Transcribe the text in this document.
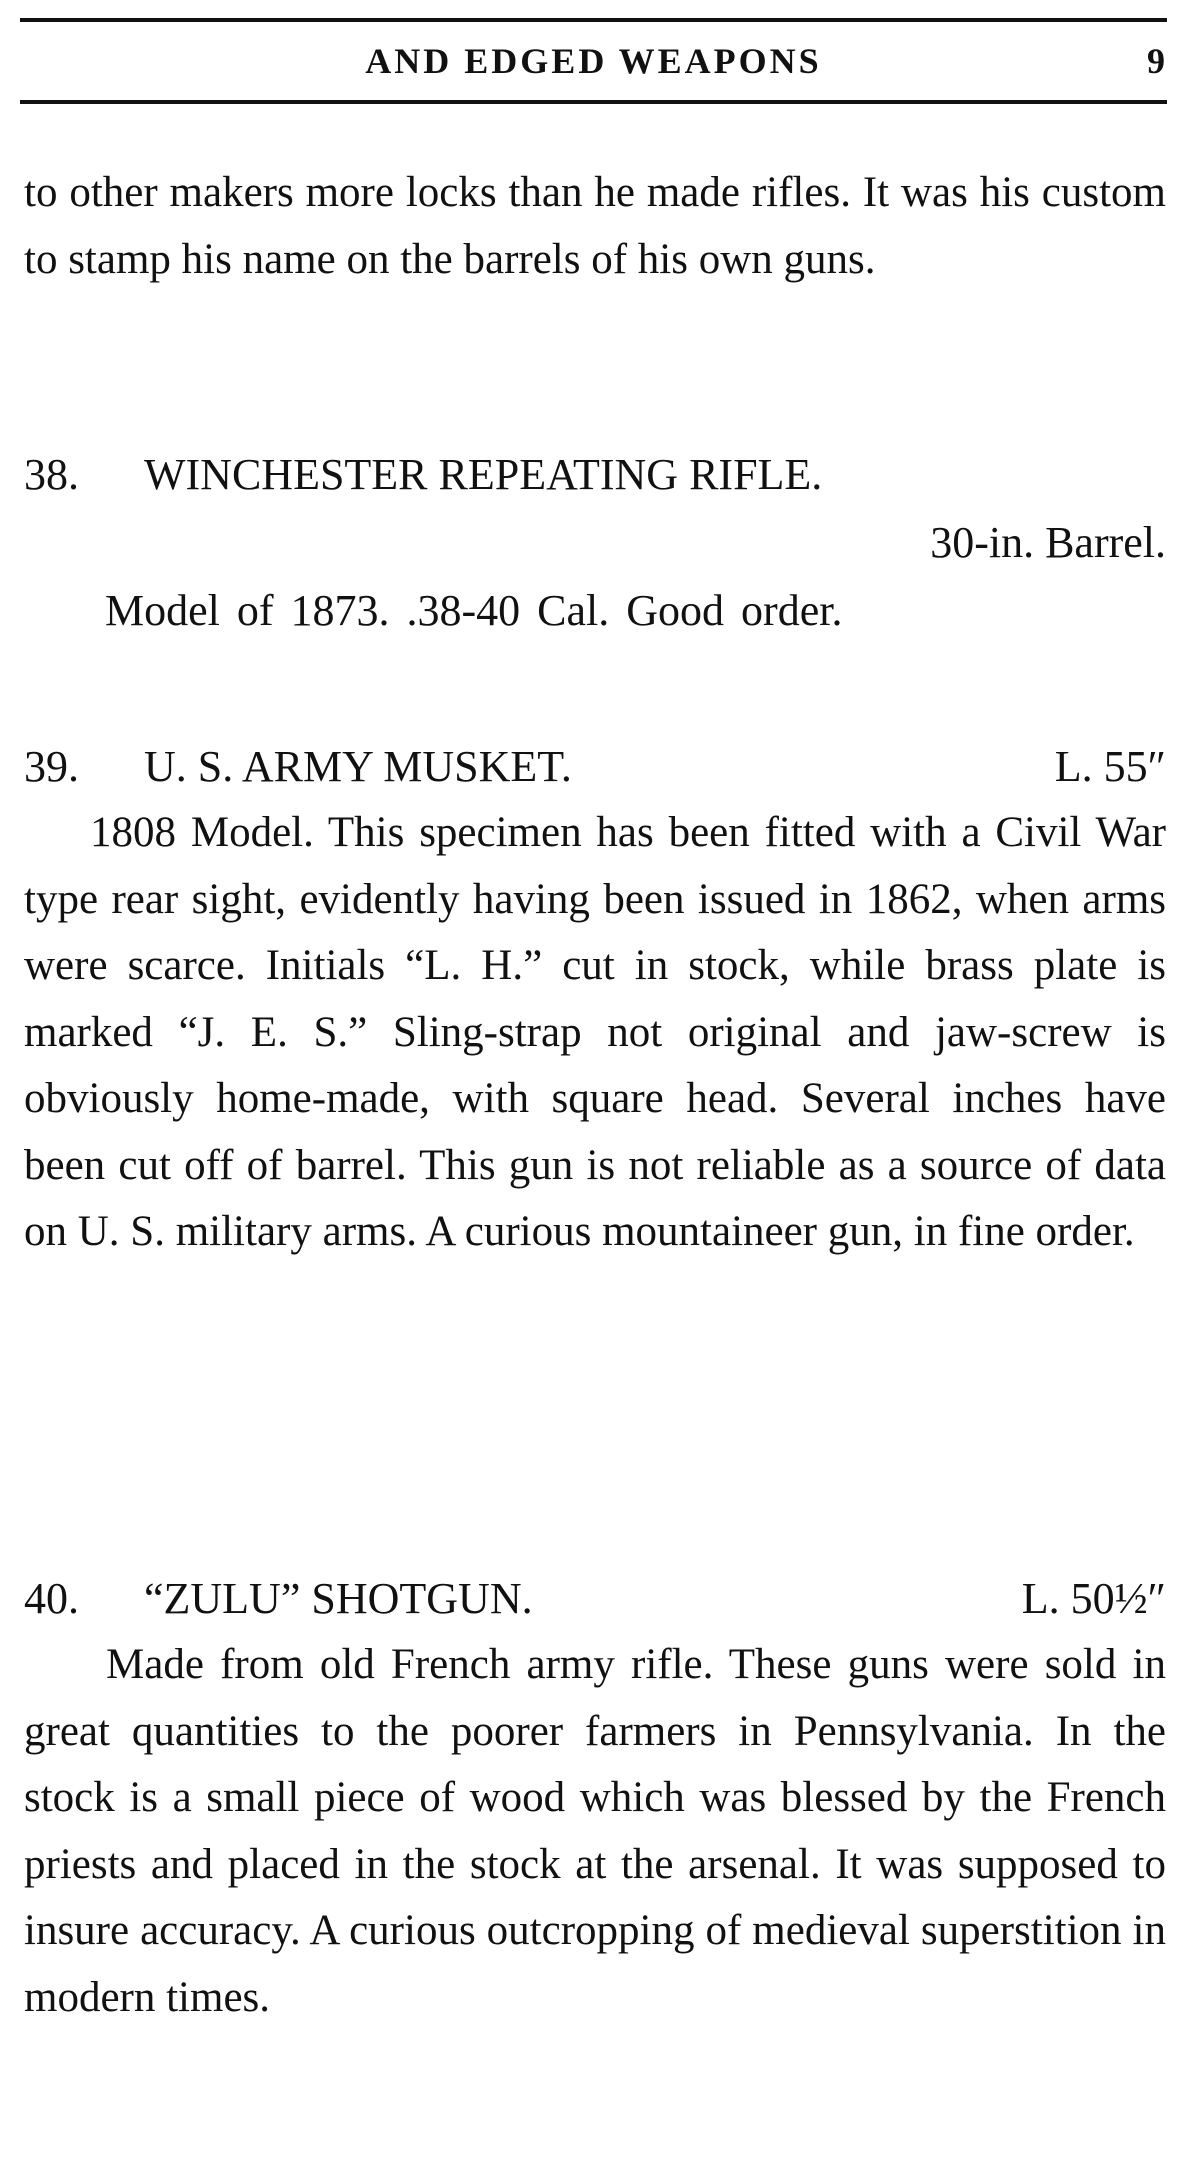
AND EDGED WEAPONS	9
to other makers more locks than he made rifles. It was his custom to stamp his name on the barrels of his own guns.
38. WINCHESTER REPEATING RIFLE.
30-in. Barrel.
Model of 1873. .38-40 Cal. Good order.
39. U. S. ARMY MUSKET.	L. 55″
1808 Model. This specimen has been fitted with a Civil War type rear sight, evidently having been issued in 1862, when arms were scarce. Initials “L. H.” cut in stock, while brass plate is marked “J. E. S.” Sling-strap not original and jaw-screw is obviously home-made, with square head. Several inches have been cut off of barrel. This gun is not reliable as a source of data on U. S. military arms. A curious mountaineer gun, in fine order.
40. “ZULU” SHOTGUN.	L. 50½″
Made from old French army rifle. These guns were sold in great quantities to the poorer farmers in Pennsylvania. In the stock is a small piece of wood which was blessed by the French priests and placed in the stock at the arsenal. It was supposed to insure accuracy. A curious outcropping of medieval superstition in modern times.
